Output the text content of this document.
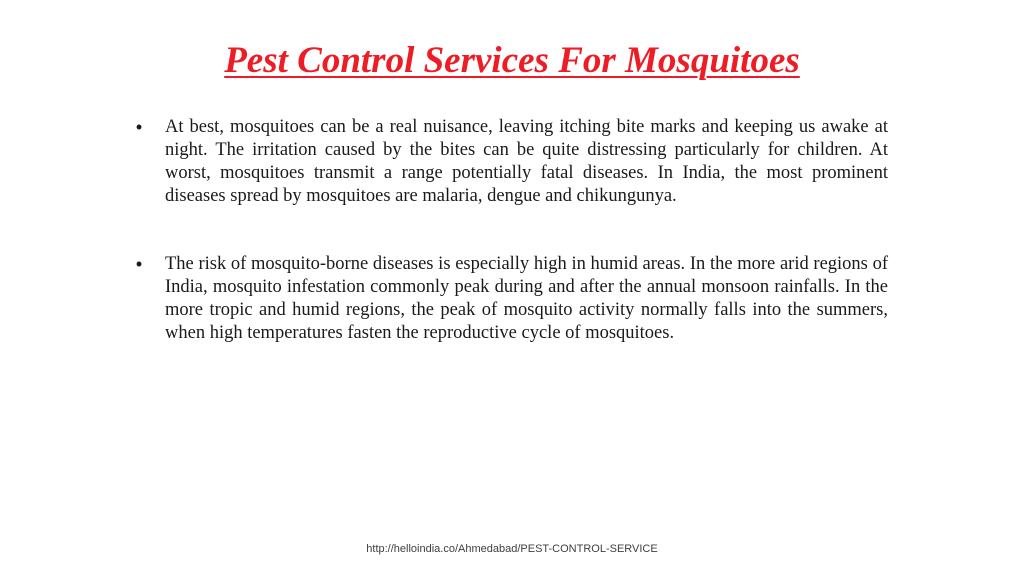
Pest Control Services For Mosquitoes
• At best, mosquitoes can be a real nuisance, leaving itching bite marks and keeping us awake at night. The irritation caused by the bites can be quite distressing particularly for children. At worst, mosquitoes transmit a range potentially fatal diseases. In India, the most prominent diseases spread by mosquitoes are malaria, dengue and chikungunya.
• The risk of mosquito-borne diseases is especially high in humid areas. In the more arid regions of India, mosquito infestation commonly peak during and after the annual monsoon rainfalls. In the more tropic and humid regions, the peak of mosquito activity normally falls into the summers, when high temperatures fasten the reproductive cycle of mosquitoes.
http://helloindia.co/Ahmedabad/PEST-CONTROL-SERVICE
